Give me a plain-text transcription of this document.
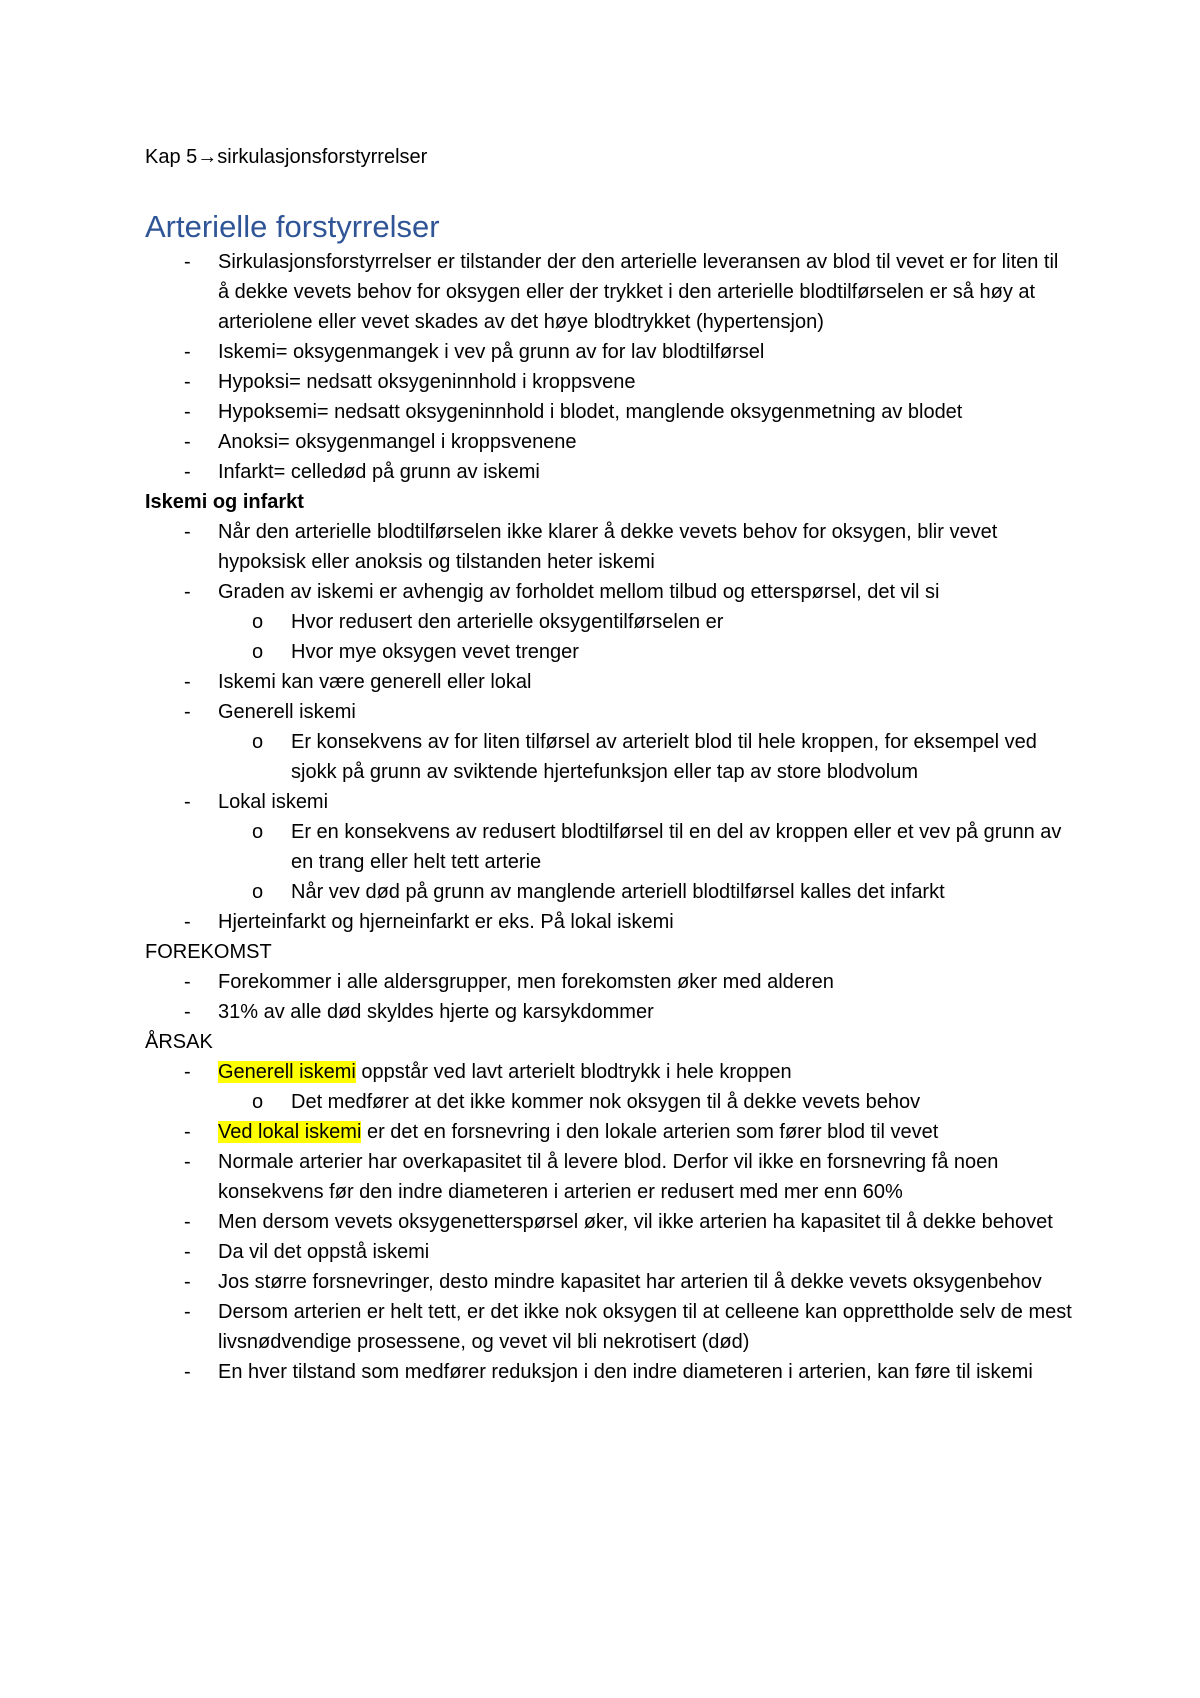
Kap 5→sirkulasjonsforstyrrelser
Arterielle forstyrrelser
- Sirkulasjonsforstyrrelser er tilstander der den arterielle leveransen av blod til vevet er for liten til å dekke vevets behov for oksygen eller der trykket i den arterielle blodtilførselen er så høy at arteriolene eller vevet skades av det høye blodtrykket (hypertensjon)
- Iskemi= oksygenmangek i vev på grunn av for lav blodtilførsel
- Hypoksi= nedsatt oksygeninnhold i kroppsvene
- Hypoksemi= nedsatt oksygeninnhold i blodet, manglende oksygenmetning av blodet
- Anoksi= oksygenmangel i kroppsvenene
- Infarkt= celledød på grunn av iskemi
Iskemi og infarkt
- Når den arterielle blodtilførselen ikke klarer å dekke vevets behov for oksygen, blir vevet hypoksisk eller anoksis og tilstanden heter iskemi
- Graden av iskemi er avhengig av forholdet mellom tilbud og etterspørsel, det vil si
o Hvor redusert den arterielle oksygentilførselen er
o Hvor mye oksygen vevet trenger
- Iskemi kan være generell eller lokal
- Generell iskemi
o Er konsekvens av for liten tilførsel av arterielt blod til hele kroppen, for eksempel ved sjokk på grunn av sviktende hjertefunksjon eller tap av store blodvolum
- Lokal iskemi
o Er en konsekvens av redusert blodtilførsel til en del av kroppen eller et vev på grunn av en trang eller helt tett arterie
o Når vev død på grunn av manglende arteriell blodtilførsel kalles det infarkt
- Hjerteinfarkt og hjerneinfarkt er eks. På lokal iskemi
FOREKOMST
- Forekommer i alle aldersgrupper, men forekomsten øker med alderen
- 31% av alle død skyldes hjerte og karsykdommer
ÅRSAK
- Generell iskemi oppstår ved lavt arterielt blodtrykk i hele kroppen
o Det medfører at det ikke kommer nok oksygen til å dekke vevets behov
- Ved lokal iskemi er det en forsnevring i den lokale arterien som fører blod til vevet
- Normale arterier har overkapasitet til å levere blod. Derfor vil ikke en forsnevring få noen konsekvens før den indre diameteren i arterien er redusert med mer enn 60%
- Men dersom vevets oksygenetterspørsel øker, vil ikke arterien ha kapasitet til å dekke behovet
- Da vil det oppstå iskemi
- Jos større forsnevringer, desto mindre kapasitet har arterien til å dekke vevets oksygenbehov
- Dersom arterien er helt tett, er det ikke nok oksygen til at celleene kan opprettholde selv de mest livsnødvendige prosessene, og vevet vil bli nekrotisert (død)
- En hver tilstand som medfører reduksjon i den indre diameteren i arterien, kan føre til iskemi
